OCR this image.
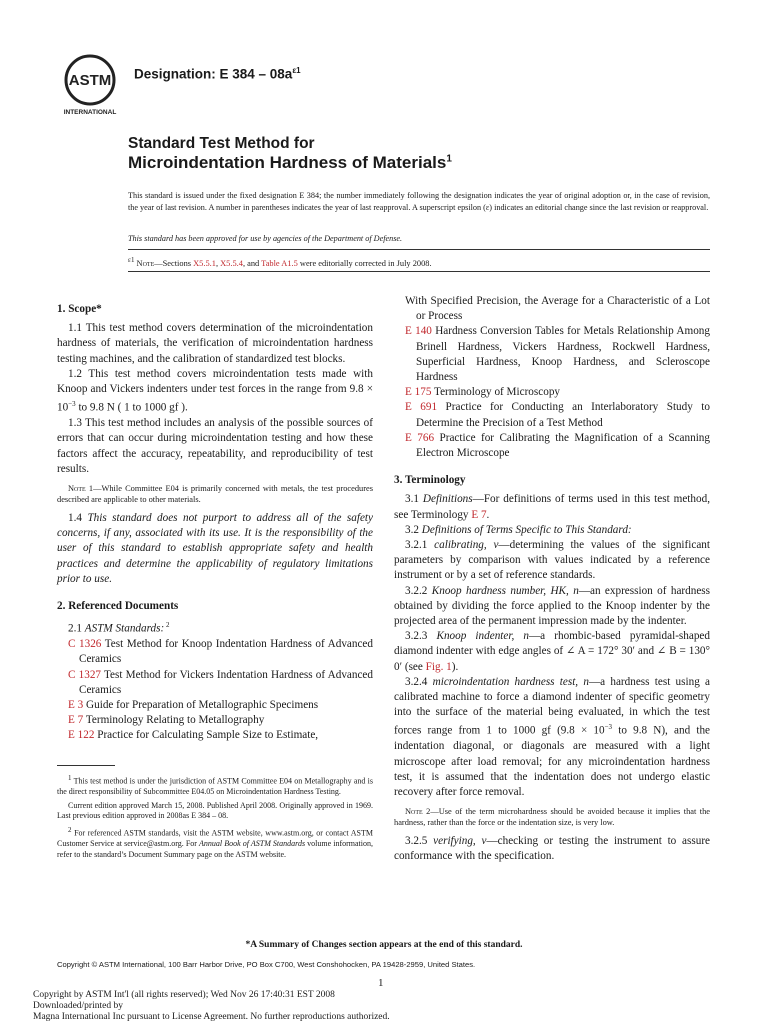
ASTM
INTERNATIONAL
Designation: E $384 - 08a^{\varepsilon 1}$
Standard Test Method for
Microindentation Hardness of Materials$^1$
This standard is issued under the fixed designation E 384; the number immediately following the designation indicates the year of original adoption or, in the case of revision, the year of last revision. A number in parentheses indicates the year of last reapproval. A superscript epsilon (ε) indicates an editorial change since the last revision or reapproval.
This standard has been approved for use by agencies of the Department of Defense.
$^{\varepsilon 1}$ Note—Sections X5.5.1, X5.5.4, and Table A1.5 were editorially corrected in July 2008.

1. Scope*

1.1 This test method covers determination of the microindentation hardness of materials, the verification of microindentation hardness testing machines, and the calibration of standardized test blocks.

1.2 This test method covers microindentation tests made with Knoop and Vickers indenters under test forces in the range from $9.8 \times 10^{-3}$ to 9.8 N ( 1 to 1000 gf ).

1.3 This test method includes an analysis of the possible sources of errors that can occur during microindentation testing and how these factors affect the accuracy, repeatability, and reproducibility of test results.

Note 1—While Committee E04 is primarily concerned with metals, the test procedures described are applicable to other materials.

1.4 This standard does not purport to address all of the safety concerns, if any, associated with its use. It is the responsibility of the user of this standard to establish appropriate safety and health practices and determine the applicability of regulatory limitations prior to use.

2. Referenced Documents

2.1 ASTM Standards: $^2$

C 1326 Test Method for Knoop Indentation Hardness of Advanced Ceramics

C 1327 Test Method for Vickers Indentation Hardness of Advanced Ceramics

E 3 Guide for Preparation of Metallographic Specimens

E 7 Terminology Relating to Metallography

E 122 Practice for Calculating Sample Size to Estimate,

$^1$ This test method is under the jurisdiction of ASTM Committee E04 on Metallography and is the direct responsibility of Subcommittee E04.05 on Microindentation Hardness Testing.

Current edition approved March 15, 2008. Published April 2008. Originally approved in 1969. Last previous edition approved in 2008as E 384 – 08.

$^2$ For referenced ASTM standards, visit the ASTM website, www.astm.org, or contact ASTM Customer Service at service@astm.org. For Annual Book of ASTM Standards volume information, refer to the standard’s Document Summary page on the ASTM website.

With Specified Precision, the Average for a Characteristic of a Lot or Process

E 140 Hardness Conversion Tables for Metals Relationship Among Brinell Hardness, Vickers Hardness, Rockwell Hardness, Superficial Hardness, Knoop Hardness, and Scleroscope Hardness

E 175 Terminology of Microscopy

E 691 Practice for Conducting an Interlaboratory Study to Determine the Precision of a Test Method

E 766 Practice for Calibrating the Magnification of a Scanning Electron Microscope

3. Terminology

3.1 Definitions—For definitions of terms used in this test method, see Terminology E 7.

3.2 Definitions of Terms Specific to This Standard:

3.2.1 calibrating, v—determining the values of the significant parameters by comparison with values indicated by a reference instrument or by a set of reference standards.

3.2.2 Knoop hardness number, HK, n—an expression of hardness obtained by dividing the force applied to the Knoop indenter by the projected area of the permanent impression made by the indenter.

3.2.3 Knoop indenter, n—a rhombic-based pyramidal-shaped diamond indenter with edge angles of ∠ A = 172° 30′ and ∠ B = 130° 0′ (see Fig. 1).

3.2.4 microindentation hardness test, n—a hardness test using a calibrated machine to force a diamond indenter of specific geometry into the surface of the material being evaluated, in which the test forces range from 1 to 1000 gf ($9.8 \times 10^{-3}$ to 9.8 N), and the indentation diagonal, or diagonals are measured with a light microscope after load removal; for any microindentation hardness test, it is assumed that the indentation does not undergo elastic recovery after force removal.

Note 2—Use of the term microhardness should be avoided because it implies that the hardness, rather than the force or the indentation size, is very low.

3.2.5 verifying, v—checking or testing the instrument to assure conformance with the specification.

*A Summary of Changes section appears at the end of this standard.
Copyright © ASTM International, 100 Barr Harbor Drive, PO Box C700, West Conshohocken, PA 19428-2959, United States.
1
Copyright by ASTM Int'l (all rights reserved); Wed Nov 26 17:40:31 EST 2008
Downloaded/printed by
Magna International Inc pursuant to License Agreement. No further reproductions authorized.
